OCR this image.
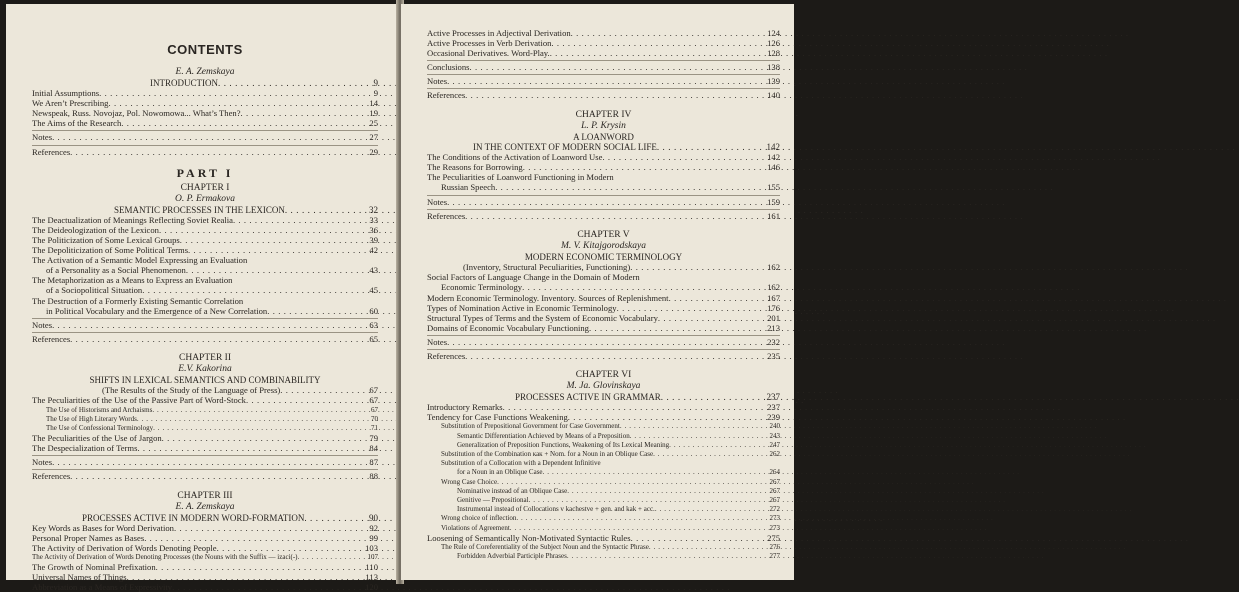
CONTENTS
E. A. Zemskaya
INTRODUCTION . . .	9
Initial Assumptions . . .	9
We Aren’t Prescribing . . .	14
Newspeak, Russ. Novojaz, Pol. Nowomowa... What’s Then? . . .	19
The Aims of the Research . . .	25
Notes . . .	27
References . . .	29
PART I
CHAPTER I
O. P. Ermakova
SEMANTIC PROCESSES IN THE LEXICON . . .	32
The Deactualization of Meanings Reflecting Soviet Realia . . .	33
The Deideologization of the Lexicon . . .	36
The Politicization of Some Lexical Groups . . .	39
The Depoliticization of Some Political Terms . . .	42
The Activation of a Semantic Model Expressing an Evaluation
of a Personality as a Social Phenomenon . . .	43
The Metaphorization as a Means to Express an Evaluation
of a Sociopolitical Situation . . .	45
The Destruction of a Formerly Existing Semantic Correlation
in Political Vocabulary and the Emergence of a New Correlation . . .	60
Notes . . .	63
References . . .	65
CHAPTER II
E.V. Kakorina
SHIFTS IN LEXICAL SEMANTICS AND COMBINABILITY
(The Results of the Study of the Language of Press) . . .	67
The Peculiarities of the Use of the Passive Part of Word-Stock . . .	67
The Use of Historisms and Archaisms . . .	67
The Use of High Literary Words . . .	70
The Use of Confessional Terminology . . .	71
The Peculiarities of the Use of Jargon . . .	79
The Despecialization of Terms . . .	84
Notes . . .	87
References . . .	88
CHAPTER III
E. A. Zemskaya
PROCESSES ACTIVE IN MODERN WORD-FORMATION . . .	90
Key Words as Bases for Word Derivation . . .	92
Personal Proper Names as Bases . . .	99
The Activity of Derivation of Words Denoting People . . .	103
The Activity of Derivation of Words Denoting Processes (the Nouns with the Suffix — izaci(-) . . .	107
The Growth of Nominal Prefixation . . .	110
Universal Names of Things . . .	113
Abbreviation as a Means of Expressivity . . .	120
Active Processes in Adjectival Derivation . . .	124
Active Processes in Verb Derivation . . .	126
Occasional Derivatives. Word-Play. . . .	128
Conclusions . . .	138
Notes . . .	139
References . . .	140
CHAPTER IV
L. P. Krysin
A LOANWORD
IN THE CONTEXT OF MODERN SOCIAL LIFE . . .	142
The Conditions of the Activation of Loanword Use . . .	142
The Reasons for Borrowing . . .	146
The Peculiarities of Loanword Functioning in Modern
Russian Speech . . .	155
Notes . . .	159
References . . .	161
CHAPTER V
M. V. Kitajgorodskaya
MODERN ECONOMIC TERMINOLOGY
(Inventory, Structural Peculiarities, Functioning) . . .	162
Social Factors of Language Change in the Domain of Modern
Economic Terminology . . .	162
Modern Economic Terminology. Inventory. Sources of Replenishment . . .	167
Types of Nomination Active in Economic Terminology . . .	176
Structural Types of Terms and the System of Economic Vocabulary . . .	201
Domains of Economic Vocabulary Functioning . . .	213
Notes . . .	232
References . . .	235
CHAPTER VI
M. Ja. Glovinskaya
PROCESSES ACTIVE IN GRAMMAR . . .	237
Introductory Remarks . . .	237
Tendency for Case Functions Weakening . . .	239
Substitution of Prepositional Government for Case Government . . .	240
Semantic Differentiation Achieved by Means of a Preposition . . .	243
Generalization of Preposition Functions, Weakening of Its Lexical Meaning . . .	247
Substitution of the Combination как + Nom. for a Noun in an Oblique Case . . .	262
Substitution of a Collocation with a Dependent Infinitive
for a Noun in an Oblique Case . . .	264
Wrong Case Choice . . .	267
Nominative instead of an Oblique Case . . .	267
Genitive — Prepositional . . .	267
Instrumental instead of Collocations v kachestve + gen. and kak + acc. . . .	272
Wrong choice of inflection . . .	273
Violations of Agreement . . .	273
Loosening of Semantically Non-Motivated Syntactic Rules . . .	275
The Rule of Coreferentiality of the Subject Noun and the Syntactic Phrase . . .	276
Forbidden Adverbial Participle Phrases . . .	277
